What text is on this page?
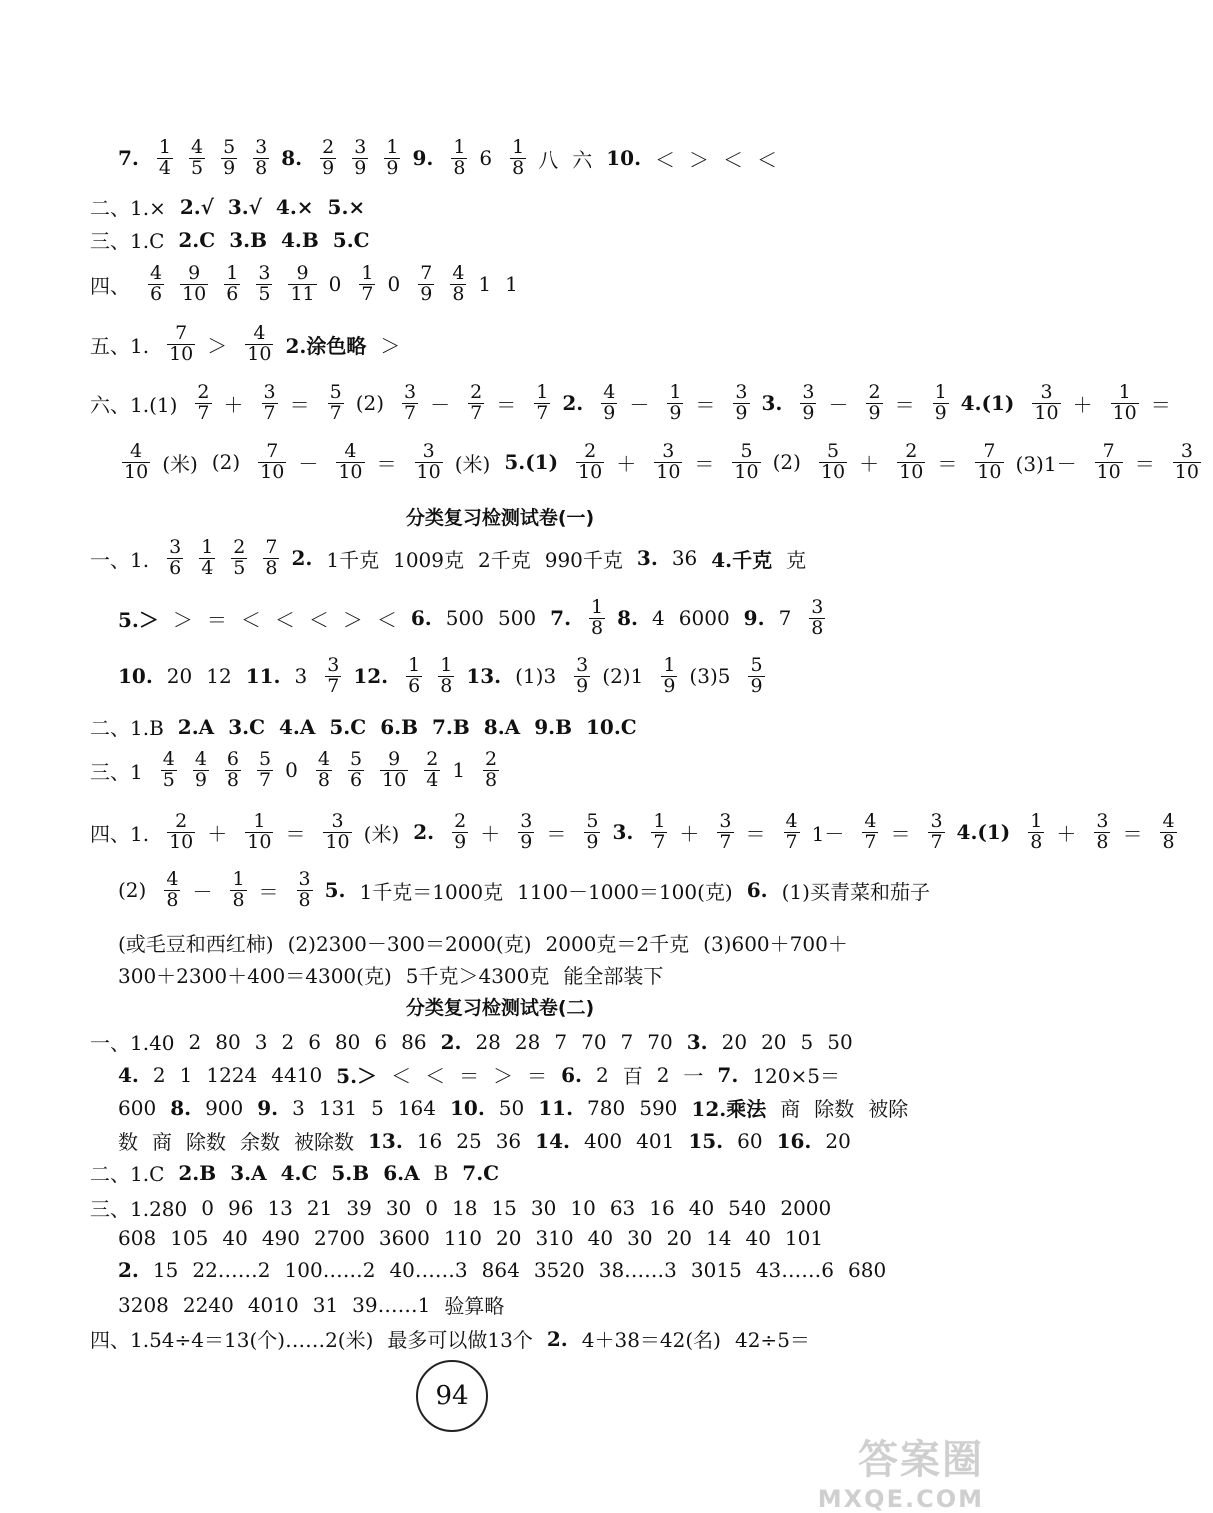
7. $\frac{1}{4} \frac{4}{5} \frac{5}{9} \frac{3}{8} 8$. $\frac{2}{9} \frac{3}{9} \frac{1}{9} 9$. $\frac{1}{8} 6 \frac{1}{8}$ 八 六 10. ＜ ＞ ＜ ＜
二、1.× 2.√ 3.√ 4.× 5.×
三、1.C 2.C 3.B 4.B 5.C
四、 $\frac{4}{6} \frac{9}{10} \frac{1}{6} \frac{3}{5} \frac{9}{11} 0 \frac{1}{7} 0 \frac{7}{9} \frac{4}{8} 1$ 1
五、1. $\frac{7}{10} > \frac{4}{10} 2$.涂色略 ＞
六、$1.(1) \frac{2}{7} + \frac{3}{7} = \frac{5}{7} (2) \frac{3}{7} - \frac{2}{7} = \frac{1}{7} 2$. $\frac{4}{9} - \frac{1}{9} = \frac{3}{9} 3$. $\frac{3}{9} - \frac{2}{9} = \frac{1}{9} 4.(1) \frac{3}{10} + \frac{1}{10}$ ＝
$\frac{4}{10}$ (米) $(2) \frac{7}{10} - \frac{4}{10} = \frac{3}{10}$ (米) $5.(1) \frac{2}{10} + \frac{3}{10} = \frac{5}{10} (2) \frac{5}{10} + \frac{2}{10} = \frac{7}{10} (3)1- \frac{7}{10} = \frac{3}{10}$
分类复习检测试卷(一)
一、1. $\frac{3}{6} \frac{1}{4} \frac{2}{5} \frac{7}{8} 2$. 1千克 1009克 2千克 990千克 3. 36 4.千克 克
5.＞ ＞ ＝ ＜ ＜ ＜ ＞ ＜ 6. 500 500 7. $\frac{1}{8} 8$. 4 6000 9. $7 \frac{3}{8}$
10. 20 12 11. $3 \frac{3}{7} 12$. $\frac{1}{6} \frac{1}{8} 13$. $(1)3 \frac{3}{9} (2)1 \frac{1}{9} (3)5 \frac{5}{9}$
二、1.B 2.A 3.C 4.A 5.C 6.B 7.B 8.A 9.B 10.C
三、$1 \frac{4}{5} \frac{4}{9} \frac{6}{8} \frac{5}{7} 0 \frac{4}{8} \frac{5}{6} \frac{9}{10} \frac{2}{4} 1 \frac{2}{8}$
四、1. $\frac{2}{10} + \frac{1}{10} = \frac{3}{10}$ (米) 2. $\frac{2}{9} + \frac{3}{9} = \frac{5}{9} 3$. $\frac{1}{7} + \frac{3}{7} = \frac{4}{7} 1- \frac{4}{7} = \frac{3}{7} 4.(1) \frac{1}{8} + \frac{3}{8} = \frac{4}{8}$
$(2) \frac{4}{8} - \frac{1}{8} = \frac{3}{8} 5$. 1千克＝1000克 1100－1000＝100(克) 6. (1)买青菜和茄子
(或毛豆和西红柿) (2)2300－300＝2000(克) 2000克＝2千克 (3)600＋700＋
300＋2300＋400＝4300(克) 5千克＞4300克 能全部装下
分类复习检测试卷(二)
一、1.40 2 80 3 2 6 80 6 86 2. 28 28 7 70 7 70 3. 20 20 5 50
4. 2 1 1224 4410 5.＞ ＜ ＜ ＝ ＞ ＝ 6. 2 百 2 一 7. 120×5＝
600 8. 900 9. 3 131 5 164 10. 50 11. 780 590 12.乘法 商 除数 被除
数 商 除数 余数 被除数 13. 16 25 36 14. 400 401 15. 60 16. 20
二、1.C 2.B 3.A 4.C 5.B 6.A B 7.C
三、1.280 0 96 13 21 39 30 0 18 15 30 10 63 16 40 540 2000
608 105 40 490 2700 3600 110 20 310 40 30 20 14 40 101
2. 15 22……2 100……2 40……3 864 3520 38……3 3015 43……6 680
3208 2240 4010 31 39……1 验算略
四、1.54÷4＝13(个)……2(米) 最多可以做13个 2. 4＋38＝42(名) 42÷5＝
94
答案圈
MXQE.COM
